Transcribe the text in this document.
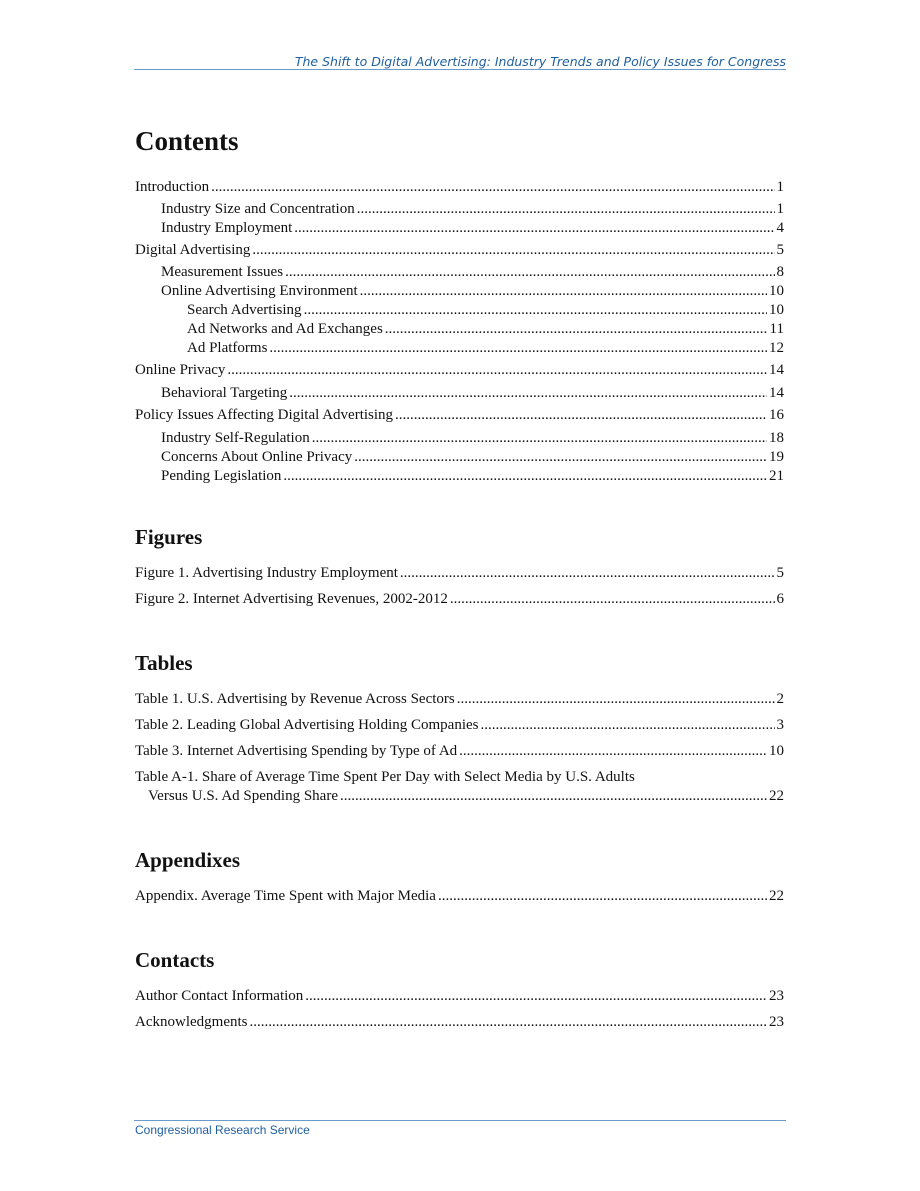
The Shift to Digital Advertising: Industry Trends and Policy Issues for Congress
Contents
Introduction .....	1
Industry Size and Concentration .....	1
Industry Employment .....	4
Digital Advertising .....	5
Measurement Issues .....	8
Online Advertising Environment .....	10
Search Advertising .....	10
Ad Networks and Ad Exchanges .....	11
Ad Platforms .....	12
Online Privacy .....	14
Behavioral Targeting .....	14
Policy Issues Affecting Digital Advertising .....	16
Industry Self-Regulation .....	18
Concerns About Online Privacy .....	19
Pending Legislation .....	21
Figures
Figure 1. Advertising Industry Employment .....	5
Figure 2. Internet Advertising Revenues, 2002-2012 .....	6
Tables
Table 1. U.S. Advertising by Revenue Across Sectors .....	2
Table 2. Leading Global Advertising Holding Companies .....	3
Table 3. Internet Advertising Spending by Type of Ad .....	10
Table A-1. Share of Average Time Spent Per Day with Select Media by U.S. Adults
Versus U.S. Ad Spending Share .....	22
Appendixes
Appendix. Average Time Spent with Major Media .....	22
Contacts
Author Contact Information .....	23
Acknowledgments .....	23
Congressional Research Service
